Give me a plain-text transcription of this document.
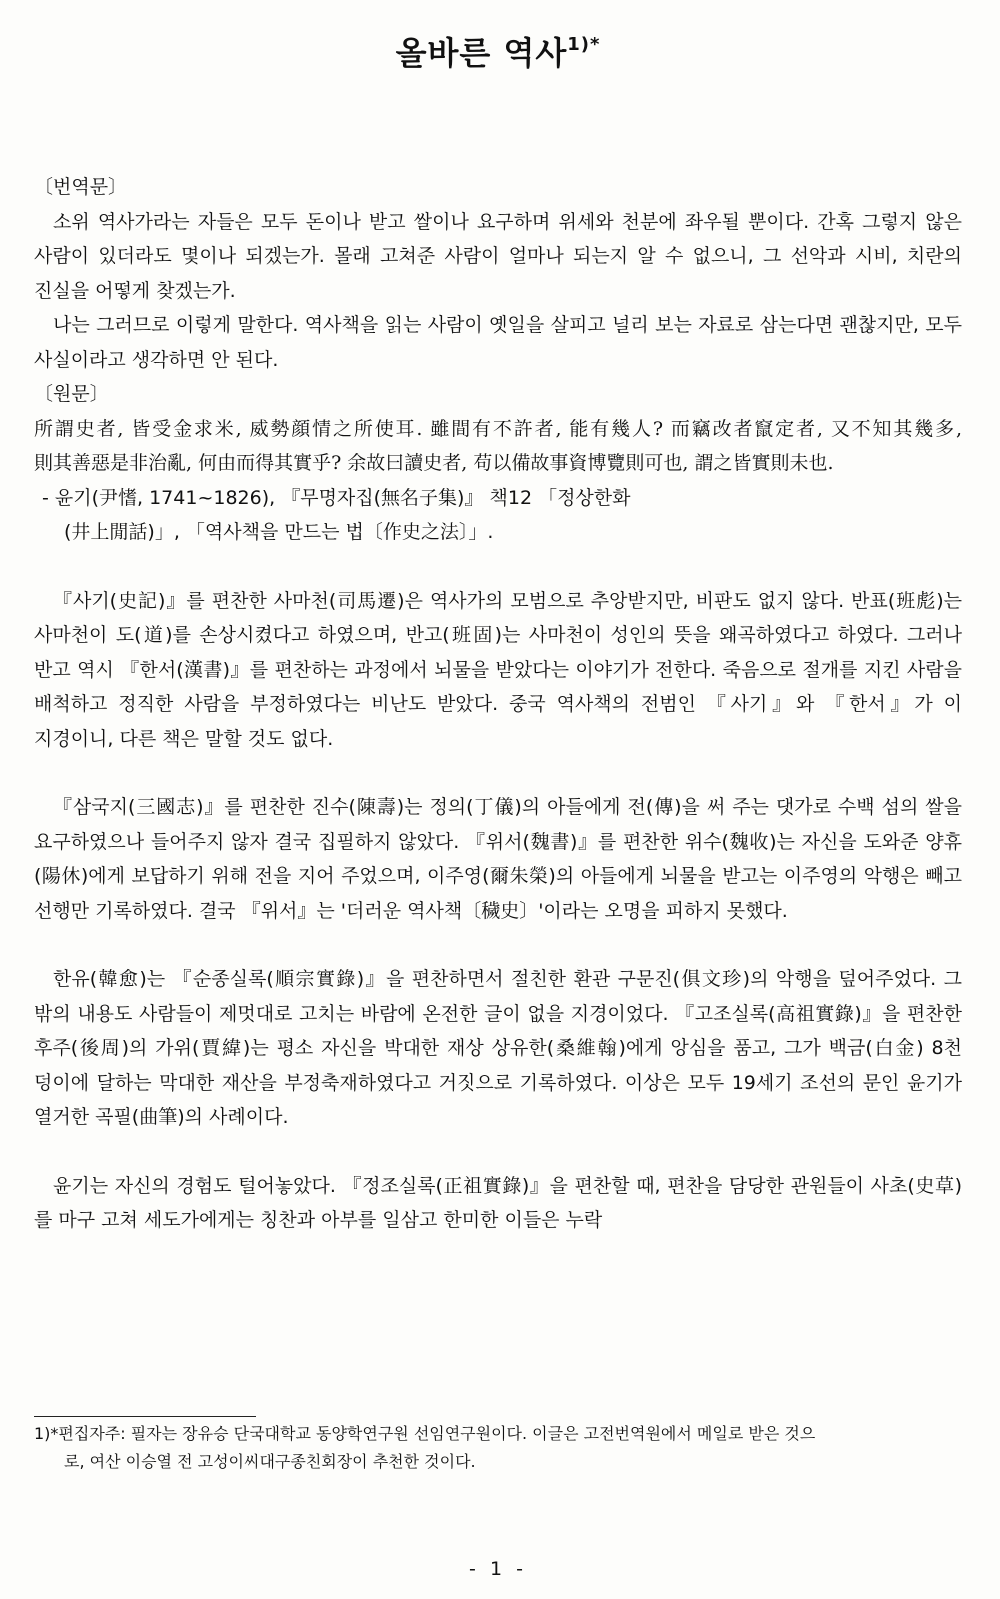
올바른 역사$^{1)*}$

〔번역문〕

소위 역사가라는 자들은 모두 돈이나 받고 쌀이나 요구하며 위세와 천분에 좌우될 뿐이다. 간혹 그렇지 않은 사람이 있더라도 몇이나 되겠는가. 몰래 고쳐준 사람이 얼마나 되는지 알 수 없으니, 그 선악과 시비, 치란의 진실을 어떻게 찾겠는가.

나는 그러므로 이렇게 말한다. 역사책을 읽는 사람이 옛일을 살피고 널리 보는 자료로 삼는다면 괜찮지만, 모두 사실이라고 생각하면 안 된다.

〔원문〕

所謂史者, 皆受金求米, 威勢顔情之所使耳. 雖間有不許者, 能有幾人? 而竊改者竄定者, 又不知其幾多, 則其善惡是非治亂, 何由而得其實乎? 余故曰讀史者, 苟以備故事資博覽則可也, 謂之皆實則未也.

- 윤기(尹愭, 1741~1826), 『무명자집(無名子集)』 책12 「정상한화

(井上閒話)」, 「역사책을 만드는 법〔作史之法〕」.

『사기(史記)』를 편찬한 사마천(司馬遷)은 역사가의 모범으로 추앙받지만, 비판도 없지 않다. 반표(班彪)는 사마천이 도(道)를 손상시켰다고 하였으며, 반고(班固)는 사마천이 성인의 뜻을 왜곡하였다고 하였다. 그러나 반고 역시 『한서(漢書)』를 편찬하는 과정에서 뇌물을 받았다는 이야기가 전한다. 죽음으로 절개를 지킨 사람을 배척하고 정직한 사람을 부정하였다는 비난도 받았다. 중국 역사책의 전범인 『사기』와 『한서』가 이 지경이니, 다른 책은 말할 것도 없다.

『삼국지(三國志)』를 편찬한 진수(陳壽)는 정의(丁儀)의 아들에게 전(傳)을 써 주는 댓가로 수백 섬의 쌀을 요구하였으나 들어주지 않자 결국 집필하지 않았다. 『위서(魏書)』를 편찬한 위수(魏收)는 자신을 도와준 양휴(陽休)에게 보답하기 위해 전을 지어 주었으며, 이주영(爾朱榮)의 아들에게 뇌물을 받고는 이주영의 악행은 빼고 선행만 기록하였다. 결국 『위서』는 '더러운 역사책〔穢史〕'이라는 오명을 피하지 못했다.

한유(韓愈)는 『순종실록(順宗實錄)』을 편찬하면서 절친한 환관 구문진(俱文珍)의 악행을 덮어주었다. 그 밖의 내용도 사람들이 제멋대로 고치는 바람에 온전한 글이 없을 지경이었다. 『고조실록(高祖實錄)』을 편찬한 후주(後周)의 가위(賈緯)는 평소 자신을 박대한 재상 상유한(桑維翰)에게 앙심을 품고, 그가 백금(白金) 8천 덩이에 달하는 막대한 재산을 부정축재하였다고 거짓으로 기록하였다. 이상은 모두 19세기 조선의 문인 윤기가 열거한 곡필(曲筆)의 사례이다.

윤기는 자신의 경험도 털어놓았다. 『정조실록(正祖實錄)』을 편찬할 때, 편찬을 담당한 관원들이 사초(史草)를 마구 고쳐 세도가에게는 칭찬과 아부를 일삼고 한미한 이들은 누락

1)*편집자주: 필자는 장유승 단국대학교 동양학연구원 선임연구원이다. 이글은 고전번역원에서 메일로 받은 것으
로, 여산 이승열 전 고성이씨대구종친회장이 추천한 것이다.
- 1 -
